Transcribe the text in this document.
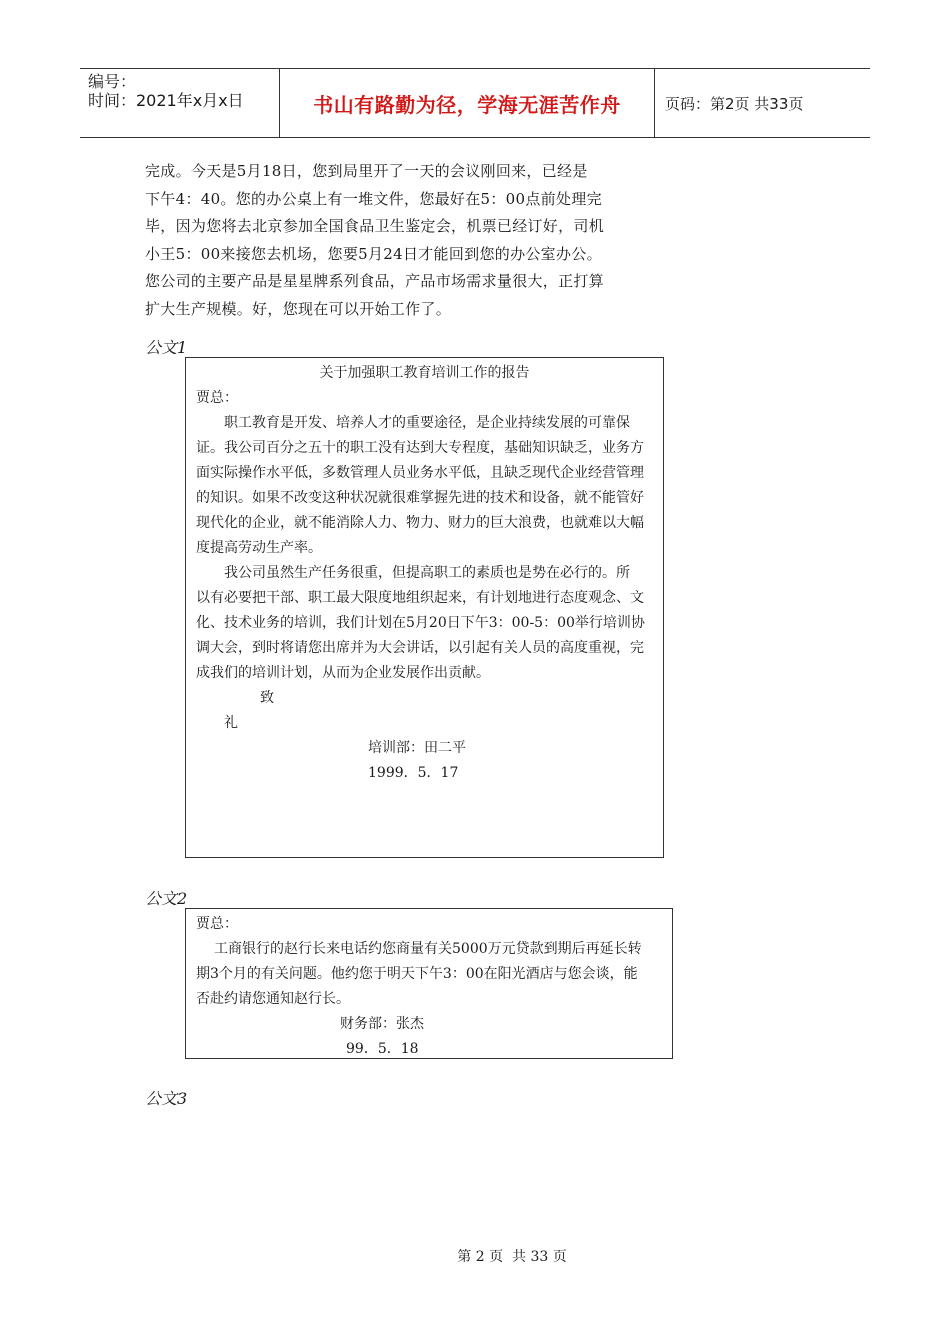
编号：
时间：2021年x月x日	书山有路勤为径，学海无涯苦作舟	页码：第2页 共33页

完成。今天是5月18日，您到局里开了一天的会议刚回来，已经是

下午4：40。您的办公桌上有一堆文件，您最好在5：00点前处理完

毕，因为您将去北京参加全国食品卫生鉴定会，机票已经订好，司机

小王5：00来接您去机场，您要5月24日才能回到您的办公室办公。

您公司的主要产品是星星牌系列食品，产品市场需求量很大，正打算

扩大生产规模。好，您现在可以开始工作了。

公文1

关于加强职工教育培训工作的报告

贾总：

职工教育是开发、培养人才的重要途径，是企业持续发展的可靠保

证。我公司百分之五十的职工没有达到大专程度，基础知识缺乏，业务方

面实际操作水平低，多数管理人员业务水平低，且缺乏现代企业经营管理

的知识。如果不改变这种状况就很难掌握先进的技术和设备，就不能管好

现代化的企业，就不能消除人力、物力、财力的巨大浪费，也就难以大幅

度提高劳动生产率。

我公司虽然生产任务很重，但提高职工的素质也是势在必行的。所

以有必要把干部、职工最大限度地组织起来，有计划地进行态度观念、文

化、技术业务的培训，我们计划在5月20日下午3：00-5：00举行培训协

调大会，到时将请您出席并为大会讲话，以引起有关人员的高度重视，完

成我们的培训计划，从而为企业发展作出贡献。

致

礼

培训部：田二平

1999．5．17

公文2

贾总：

工商银行的赵行长来电话约您商量有关5000万元贷款到期后再延长转

期3个月的有关问题。他约您于明天下午3：00在阳光酒店与您会谈，能

否赴约请您通知赵行长。

财务部：张杰

99．5．18

公文3
第 2 页  共 33 页
